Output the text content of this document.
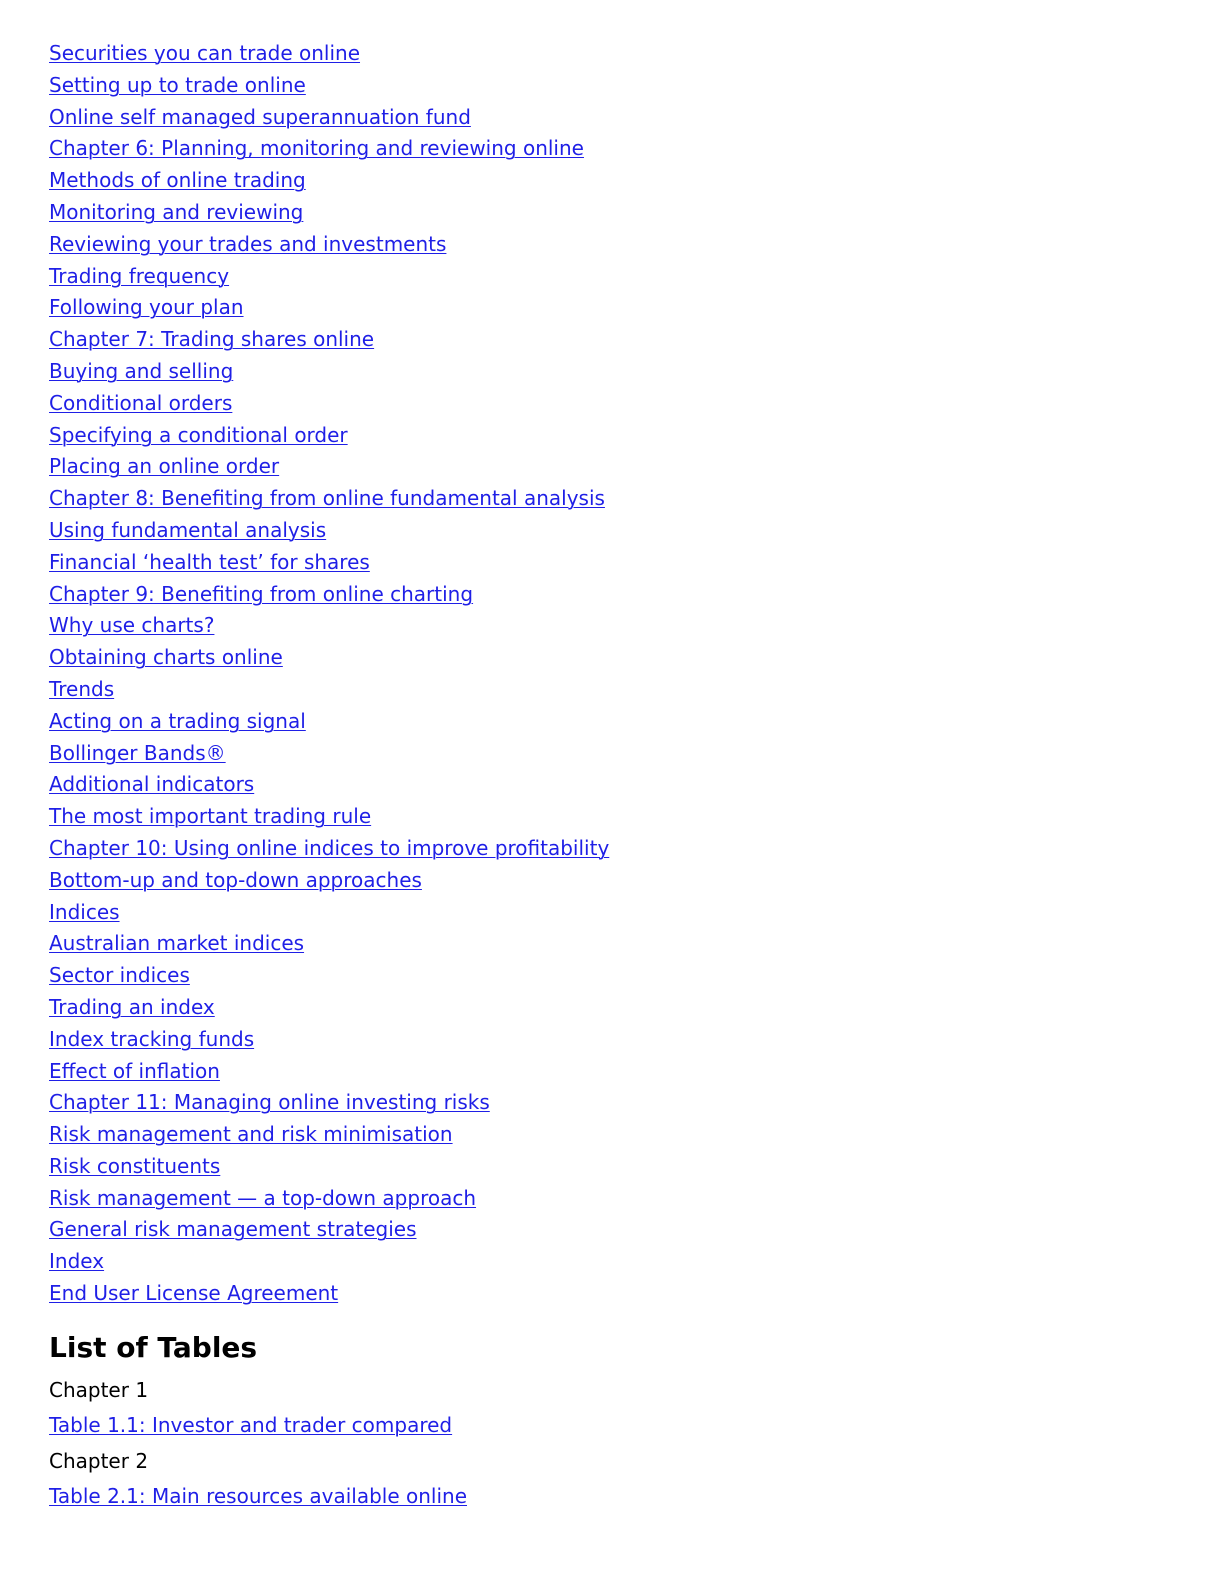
Securities you can trade online
Setting up to trade online
Online self managed superannuation fund
Chapter 6: Planning, monitoring and reviewing online
Methods of online trading
Monitoring and reviewing
Reviewing your trades and investments
Trading frequency
Following your plan
Chapter 7: Trading shares online
Buying and selling
Conditional orders
Specifying a conditional order
Placing an online order
Chapter 8: Benefiting from online fundamental analysis
Using fundamental analysis
Financial ‘health test’ for shares
Chapter 9: Benefiting from online charting
Why use charts?
Obtaining charts online
Trends
Acting on a trading signal
Bollinger Bands®
Additional indicators
The most important trading rule
Chapter 10: Using online indices to improve profitability
Bottom-up and top-down approaches
Indices
Australian market indices
Sector indices
Trading an index
Index tracking funds
Effect of inflation
Chapter 11: Managing online investing risks
Risk management and risk minimisation
Risk constituents
Risk management — a top-down approach
General risk management strategies
Index
End User License Agreement
List of Tables
Chapter 1
Table 1.1: Investor and trader compared
Chapter 2
Table 2.1: Main resources available online
